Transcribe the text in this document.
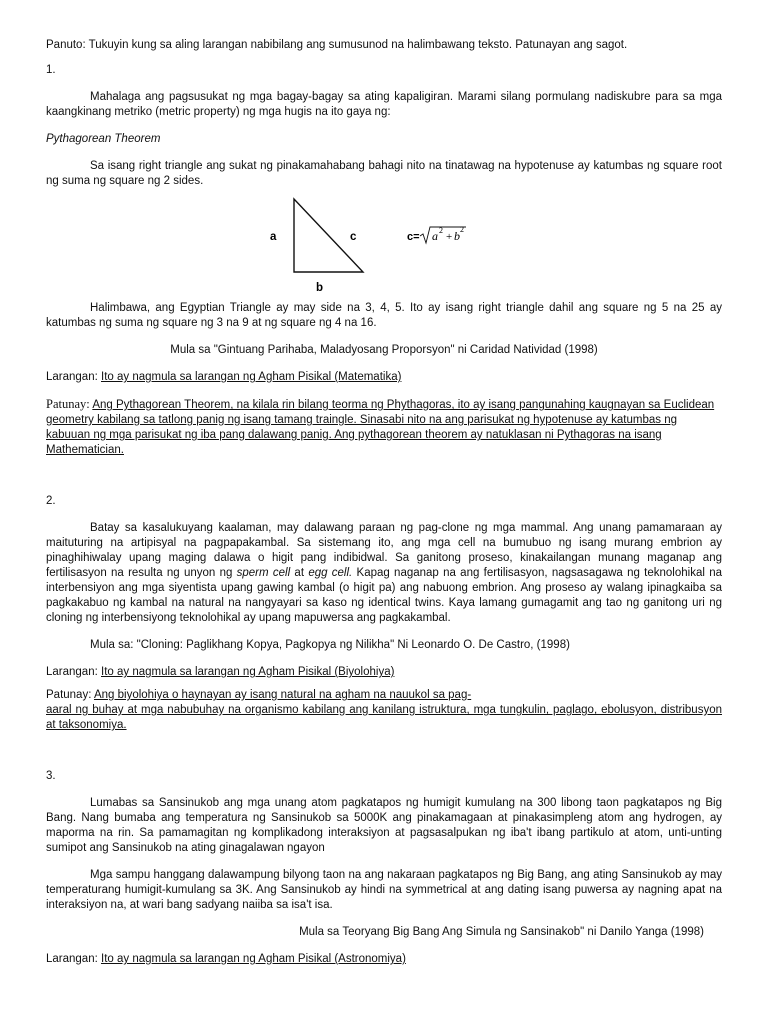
Panuto: Tukuyin kung sa aling larangan nabibilang ang sumusunod na halimbawang teksto. Patunayan ang sagot.

1.

Mahalaga ang pagsusukat ng mga bagay-bagay sa ating kapaligiran. Marami silang pormulang nadiskubre para sa mga kaangkinang metriko (metric property) ng mga hugis na ito gaya ng:

Pythagorean Theorem

Sa isang right triangle ang sukat ng pinakamahabang bahagi nito na tinatawag na hypotenuse ay katumbas ng square root ng suma ng square ng 2 sides.

a	c
b
c= a 2
+ b 2

Halimbawa, ang Egyptian Triangle ay may side na 3, 4, 5. Ito ay isang right triangle dahil ang square ng 5 na 25 ay katumbas ng suma ng square ng 3 na 9 at ng square ng 4 na 16.

Mula sa "Gintuang Parihaba, Maladyosang Proporsyon" ni Caridad Natividad (1998)

Larangan: Ito ay nagmula sa larangan ng Agham Pisikal (Matematika)

Patunay: Ang Pythagorean Theorem, na kilala rin bilang teorma ng Phythagoras, ito ay isang pangunahing kaugnayan sa Euclidean geometry kabilang sa tatlong panig ng isang tamang traingle. Sinasabi nito na ang parisukat ng hypotenuse ay katumbas ng kabuuan ng mga parisukat ng iba pang dalawang panig. Ang pythagorean theorem ay natuklasan ni Pythagoras na isang Mathematician.

2.

Batay sa kasalukuyang kaalaman, may dalawang paraan ng pag-clone ng mga mammal. Ang unang pamamaraan ay maituturing na artipisyal na pagpapakambal. Sa sistemang ito, ang mga cell na bumubuo ng isang murang embrion ay pinaghihiwalay upang maging dalawa o higit pang indibidwal. Sa ganitong proseso, kinakailangan munang maganap ang fertilisasyon na resulta ng unyon ng sperm cell at egg cell. Kapag naganap na ang fertilisasyon, nagsasagawa ng teknolohikal na interbensiyon ang mga siyentista upang gawing kambal (o higit pa) ang nabuong embrion. Ang proseso ay walang ipinagkaiba sa pagkakabuo ng kambal na natural na nangyayari sa kaso ng identical twins. Kaya lamang gumagamit ang tao ng ganitong uri ng cloning ng interbensiyong teknolohikal ay upang mapuwersa ang pagkakambal.

Mula sa: "Cloning: Paglikhang Kopya, Pagkopya ng Nilikha" Ni Leonardo O. De Castro, (1998)

Larangan: Ito ay nagmula sa larangan ng Agham Pisikal (Biyolohiya)

Patunay: Ang biyolohiya o haynayan ay isang natural na agham na nauukol sa pag-

aaral ng buhay at mga nabubuhay na organismo kabilang ang kanilang istruktura, mga tungkulin, paglago, ebolusyon, distribusyon at taksonomiya.

3.

Lumabas sa Sansinukob ang mga unang atom pagkatapos ng humigit kumulang na 300 libong taon pagkatapos ng Big Bang. Nang bumaba ang temperatura ng Sansinukob sa 5000K ang pinakamagaan at pinakasimpleng atom ang hydrogen, ay maporma na rin. Sa pamamagitan ng komplikadong interaksiyon at pagsasalpukan ng iba't ibang partikulo at atom, unti-unting sumipot ang Sansinukob na ating ginagalawan ngayon

Mga sampu hanggang dalawampung bilyong taon na ang nakaraan pagkatapos ng Big Bang, ang ating Sansinukob ay may temperaturang humigit-kumulang sa 3K. Ang Sansinukob ay hindi na symmetrical at ang dating isang puwersa ay nagning apat na interaksiyon na, at wari bang sadyang naiiba sa isa't isa.

Mula sa Teoryang Big Bang Ang Simula ng Sansinakob" ni Danilo Yanga (1998)

Larangan: Ito ay nagmula sa larangan ng Agham Pisikal (Astronomiya)
